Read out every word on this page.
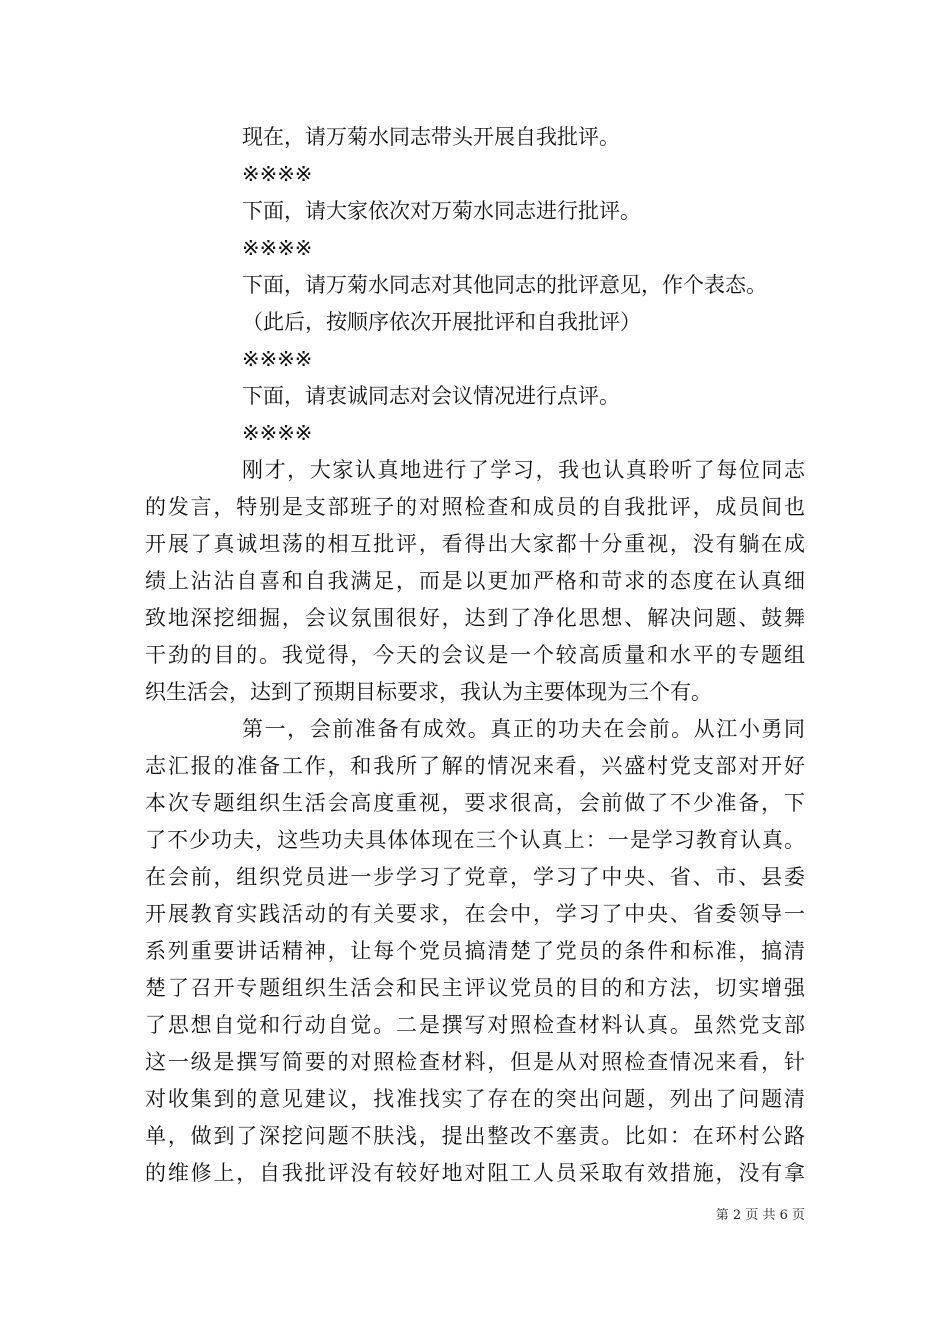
现在，请万菊水同志带头开展自我批评。
※※※※
下面，请大家依次对万菊水同志进行批评。
※※※※
下面，请万菊水同志对其他同志的批评意见，作个表态。
（此后，按顺序依次开展批评和自我批评）
※※※※
下面，请衷诚同志对会议情况进行点评。
※※※※
刚才，大家认真地进行了学习，我也认真聆听了每位同志
的发言，特别是支部班子的对照检查和成员的自我批评，成员间也
开展了真诚坦荡的相互批评，看得出大家都十分重视，没有躺在成
绩上沾沾自喜和自我满足，而是以更加严格和苛求的态度在认真细
致地深挖细掘，会议氛围很好，达到了净化思想、解决问题、鼓舞
干劲的目的。我觉得，今天的会议是一个较高质量和水平的专题组
织生活会，达到了预期目标要求，我认为主要体现为三个有。
第一，会前准备有成效。真正的功夫在会前。从江小勇同
志汇报的准备工作，和我所了解的情况来看，兴盛村党支部对开好
本次专题组织生活会高度重视，要求很高，会前做了不少准备，下
了不少功夫，这些功夫具体体现在三个认真上：一是学习教育认真。
在会前，组织党员进一步学习了党章，学习了中央、省、市、县委
开展教育实践活动的有关要求，在会中，学习了中央、省委领导一
系列重要讲话精神，让每个党员搞清楚了党员的条件和标准，搞清
楚了召开专题组织生活会和民主评议党员的目的和方法，切实增强
了思想自觉和行动自觉。二是撰写对照检查材料认真。虽然党支部
这一级是撰写简要的对照检查材料，但是从对照检查情况来看，针
对收集到的意见建议，找准找实了存在的突出问题，列出了问题清
单，做到了深挖问题不肤浅，提出整改不塞责。比如：在环村公路
的维修上，自我批评没有较好地对阻工人员采取有效措施，没有拿
第 2 页 共 6 页
